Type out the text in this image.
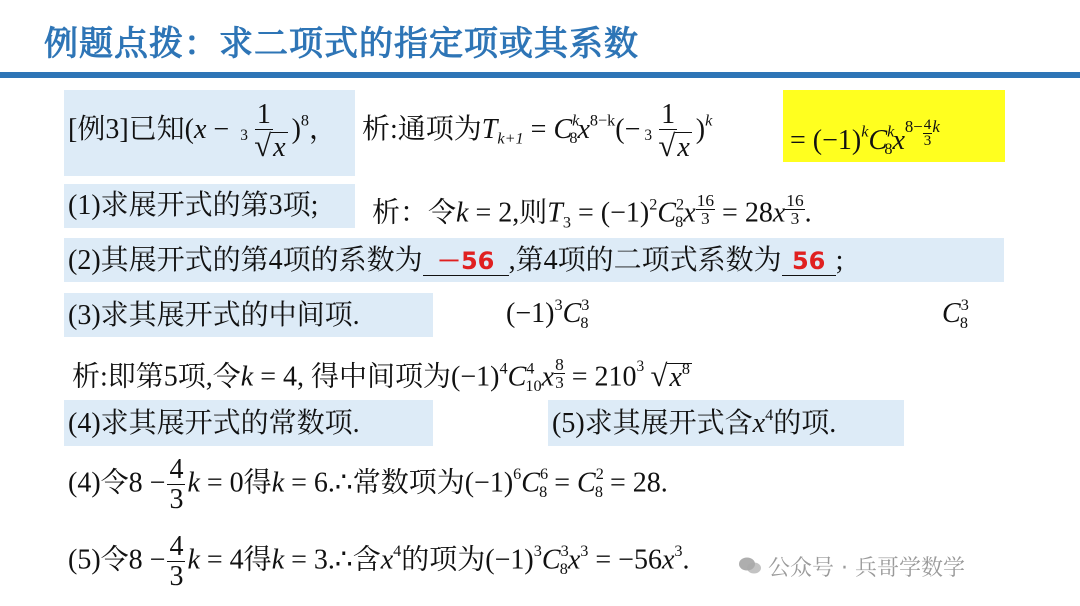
例题点拨：求二项式的指定项或其系数
[例3]已知$(x - \frac{1}{3 √x} )^8$， 析:通项为$T_{k+1} = C^k_8x^{8-k}(- \frac{1}{3 √x} )^k$
= $(-1)^kC^k_8x^{8- \frac{4}{3} k}$
(1)求展开式的第3项; 析：令k = 2,则$T_3 = (-1)^2C^2_8x \frac{16}{3} = 28x \frac{16}{3}$ .
(2)其展开式的第4项的系数为 －56 ,第4项的二项式系数为 56 ;
(3)求其展开式的中间项.	$(-1)^3C^3_8$	$C^3_8$
析:即第5项,令k = 4, 得中间项为$(-1)^4C^4_{10}x \frac{8}{3} = 210$ 3 $√x^8$
(4)求其展开式的常数项.	(5)求其展开式含$x^4$的项.
(4)令$8 - \frac{4}{3}$ k = 0得k = 6.∴常数项为$(-1)^6C^6_8 = C^2_8 = 28$.
(5)令$8 - \frac{4}{3}$ k = 4得k = 3.∴含$x^4$的项为$(-1)^3C^3_8x^3 = -56x^3$.	公众号 · 兵哥学数学
